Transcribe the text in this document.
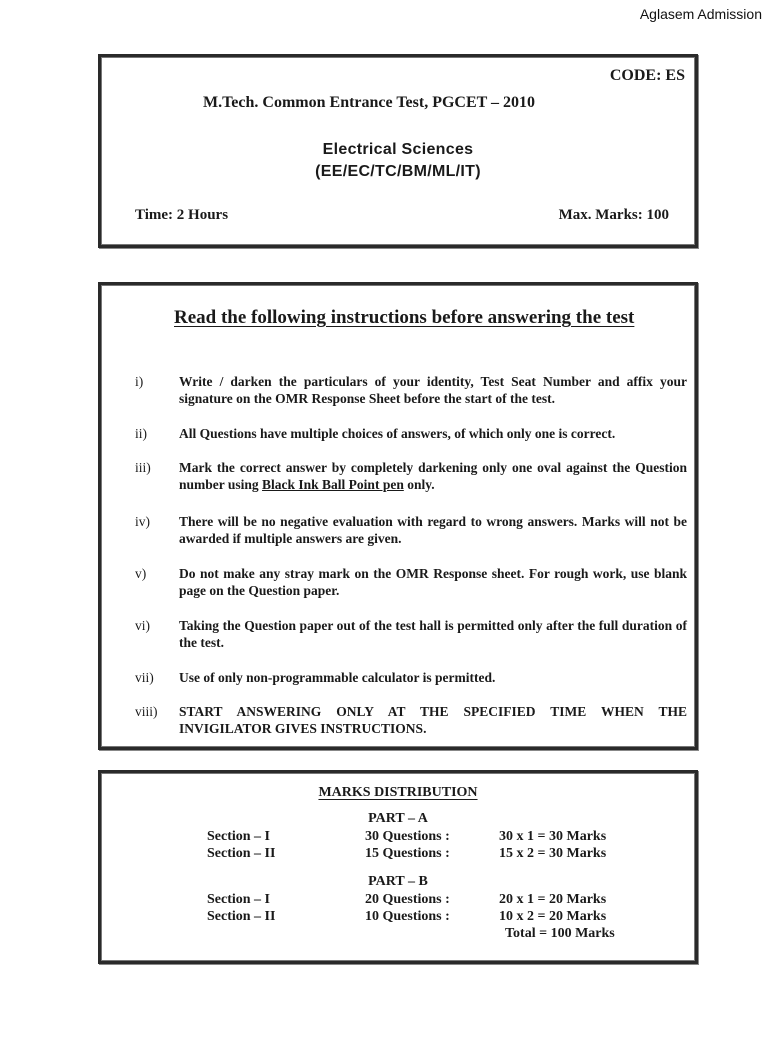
Aglasem Admission
CODE: ES
M.Tech. Common Entrance Test, PGCET – 2010
Electrical Sciences
(EE/EC/TC/BM/ML/IT)
Time: 2 Hours	Max. Marks: 100
Read the following instructions before answering the test
i)	Write / darken the particulars of your identity, Test Seat Number and affix your signature on the OMR Response Sheet before the start of the test.
ii) All Questions have multiple choices of answers, of which only one is correct.
iii) Mark the correct answer by completely darkening only one oval against the Question number using Black Ink Ball Point pen only.
iv) There will be no negative evaluation with regard to wrong answers. Marks will not be awarded if multiple answers are given.
v) Do not make any stray mark on the OMR Response sheet. For rough work, use blank page on the Question paper.
vi) Taking the Question paper out of the test hall is permitted only after the full duration of the test.
vii) Use of only non-programmable calculator is permitted.
viii) START ANSWERING ONLY AT THE SPECIFIED TIME WHEN THE INVIGILATOR GIVES INSTRUCTIONS.
MARKS DISTRIBUTION
PART – A
Section – I	30 Questions :	30 x 1 = 30 Marks
Section – II	15 Questions :	15 x 2 = 30 Marks
PART – B
Section – I	20 Questions :	20 x 1 = 20 Marks
Section – II	10 Questions :	10 x 2 = 20 Marks
Total = 100 Marks
